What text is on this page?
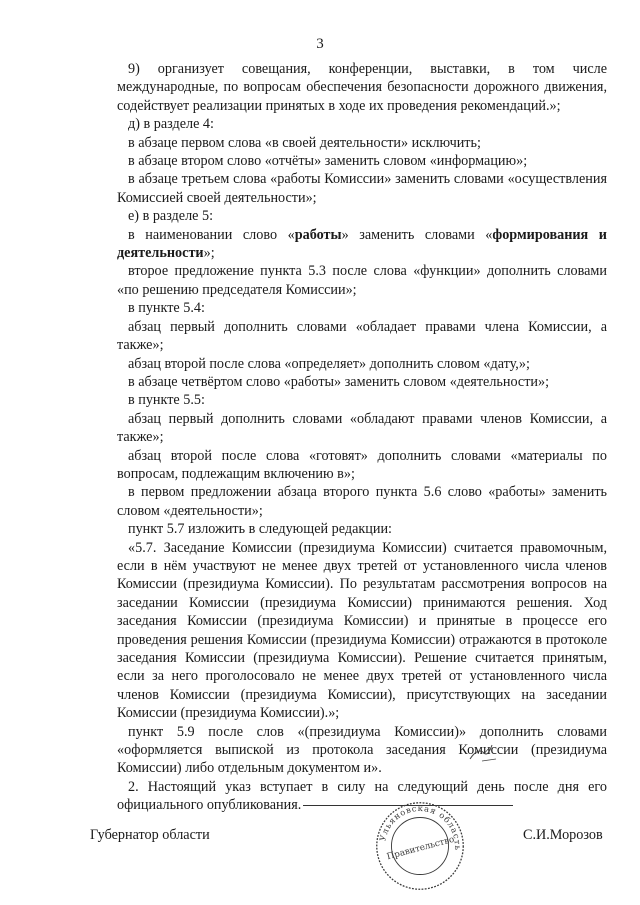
3

9) организует совещания, конференции, выставки, в том числе международные, по вопросам обеспечения безопасности дорожного движения, содействует реализации принятых в ходе их проведения рекомендаций.»;

д) в разделе 4:

в абзаце первом слова «в своей деятельности» исключить;

в абзаце втором слово «отчёты» заменить словом «информацию»;

в абзаце третьем слова «работы Комиссии» заменить словами «осуществления Комиссией своей деятельности»;

е) в разделе 5:

в наименовании слово «работы» заменить словами «формирования и деятельности»;

второе предложение пункта 5.3 после слова «функции» дополнить словами «по решению председателя Комиссии»;

в пункте 5.4:

абзац первый дополнить словами «обладает правами члена Комиссии, а также»;

абзац второй после слова «определяет» дополнить словом «дату,»;

в абзаце четвёртом слово «работы» заменить словом «деятельности»;

в пункте 5.5:

абзац первый дополнить словами «обладают правами членов Комиссии, а также»;

абзац второй после слова «готовят» дополнить словами «материалы по вопросам, подлежащим включению в»;

в первом предложении абзаца второго пункта 5.6 слово «работы» заменить словом «деятельности»;

пункт 5.7 изложить в следующей редакции:

«5.7. Заседание Комиссии (президиума Комиссии) считается правомочным, если в нём участвуют не менее двух третей от установленного числа членов Комиссии (президиума Комиссии). По результатам рассмотрения вопросов на заседании Комиссии (президиума Комиссии) принимаются решения. Ход заседания Комиссии (президиума Комиссии) и принятые в процессе его проведения решения Комиссии (президиума Комиссии) отражаются в протоколе заседания Комиссии (президиума Комиссии). Решение считается принятым, если за него проголосовало не менее двух третей от установленного числа членов Комиссии (президиума Комиссии), присутствующих на заседании Комиссии (президиума Комиссии).»;

пункт 5.9 после слов «(президиума Комиссии)» дополнить словами «оформляется выпиской из протокола заседания Комиссии (президиума Комиссии) либо отдельным документом и».

2. Настоящий указ вступает в силу на следующий день после дня его официального опубликования.

Губернатор области	С.И.Морозов
Ульяновская область
Правительство
